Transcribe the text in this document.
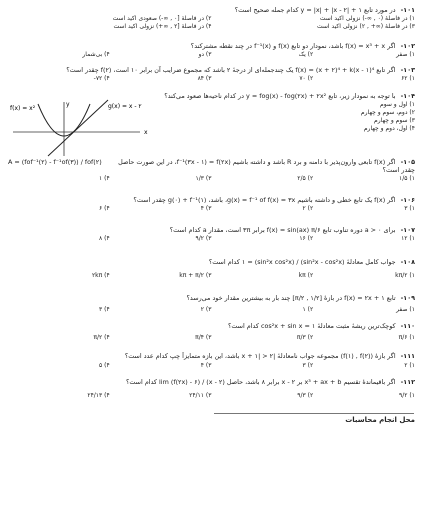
۱۰۱- در مورد تابع y = |x| + |x - ۲| + ۱ کدام جمله صحیح است؟
۱) در فاصلهٔ (۰ , ∞-) نزولی اکید است
۲) در فاصلهٔ [۰ , ∞-) صعودی اکید است
۳) در فاصلهٔ (∞+ , ۲) نزولی اکید است
۴) در فاصلهٔ [۲ , ∞+) نزولی اکید است
۱۰۲- اگر f(x) = x³ + x باشد، نمودار دو تابع f(x) و f⁻¹(x) در چند نقطه مشترکند؟
۱) صفر
۲) یک
۳) دو
۴) بی‌شمار
۱۰۳- اگر تابع f(x) = (x + ۲)⁴ + k(x - ۱)⁴ یک چندجمله‌ای از درجهٔ ۲ باشد که مجموع ضرایب آن برابر ۱۰ است، f(۲) چقدر است؟
۱) ۶۲
۲) ۷۰
۳) ۸۴
۴) ۷۲-
۱۰۴- با توجه به نمودار زیر، تابع y = fog(x) - fog(۲x) + ۲x² در کدام ناحیه‌ها صعود می‌کند؟
۱) اول و سوم
۲) دوم، سوم و چهارم
۳) سوم و چهارم
۴) اول، دوم و چهارم
y
x
f(x) = x²	g(x) = x - ۲
۱۰۵- اگر f(x) تابعی وارون‌پذیر با دامنه و برد R باشد و داشته باشیم f⁻¹(۳x - ۱) = f(۲x)، در این صورت حاصل
A = (fof⁻¹(۲) - f⁻¹of(۳)) / fof(۲)
چقدر است؟
۱) ۱/۵
۲) ۲/۵
۳) ۱/۳
۴) ۱
۱۰۶- اگر f(x) یک تابع خطی و داشته باشیم g(x) = f⁻¹ of f(x) = ۳x، باشد، g(۰) + f⁻¹(۱) چقدر است؟
۱) ۳
۲) ۲
۳) ۴
۴) ۶
۱۰۷- برای a > ۰ دوره تناوب تابع f(x) = sin(ax) π/۶ برابر ۳π است، مقدار a کدام است؟
۱) ۱۲
۲) ۱۶
۳) ۹/۲
۴) ۸
۱۰۸- جواب کامل معادلهٔ (sin²x - cos²x) / (sin²x cos²x) = ۱ کدام است؟
۱) kπ/۲
۲) kπ
۳) kπ + π/۲
۴) ۲kπ
۱۰۹- تابع f(x) = ۲x + ۱ در بازهٔ [۱/۲ , π/۲] چند بار به بیشترین مقدار خود می‌رسد؟
۱) صفر
۲) ۱
۳) ۲
۴) ۳
۱۱۰- کوچک‌ترین ریشهٔ مثبت معادلهٔ cos²x + sin x = ۱ کدام است؟
۱) π/۶
۲) π/۳
۳) π/۴
۴) π/۲
۱۱۱- اگر بازهٔ (f(۱) , f(۲)) مجموعه جواب نامعادلهٔ |x + ۱| > ۲ باشد، این بازه متمایزاً چپ کدام عدد است؟
۱) ۲
۲) ۳
۳) ۴
۴) ۵
۱۱۲- اگر باقیماندهٔ تقسیم x³ + ax + b بر x - ۲ برابر ۸ باشد، حاصل lim (f(۲x) - ۶) / (x - ۲) کدام است؟
۱) ۹/۲
۲) ۹/۳
۳) ۲۴/۱۱
۴) ۲۴/۱۳
محل انجام محاسبات
